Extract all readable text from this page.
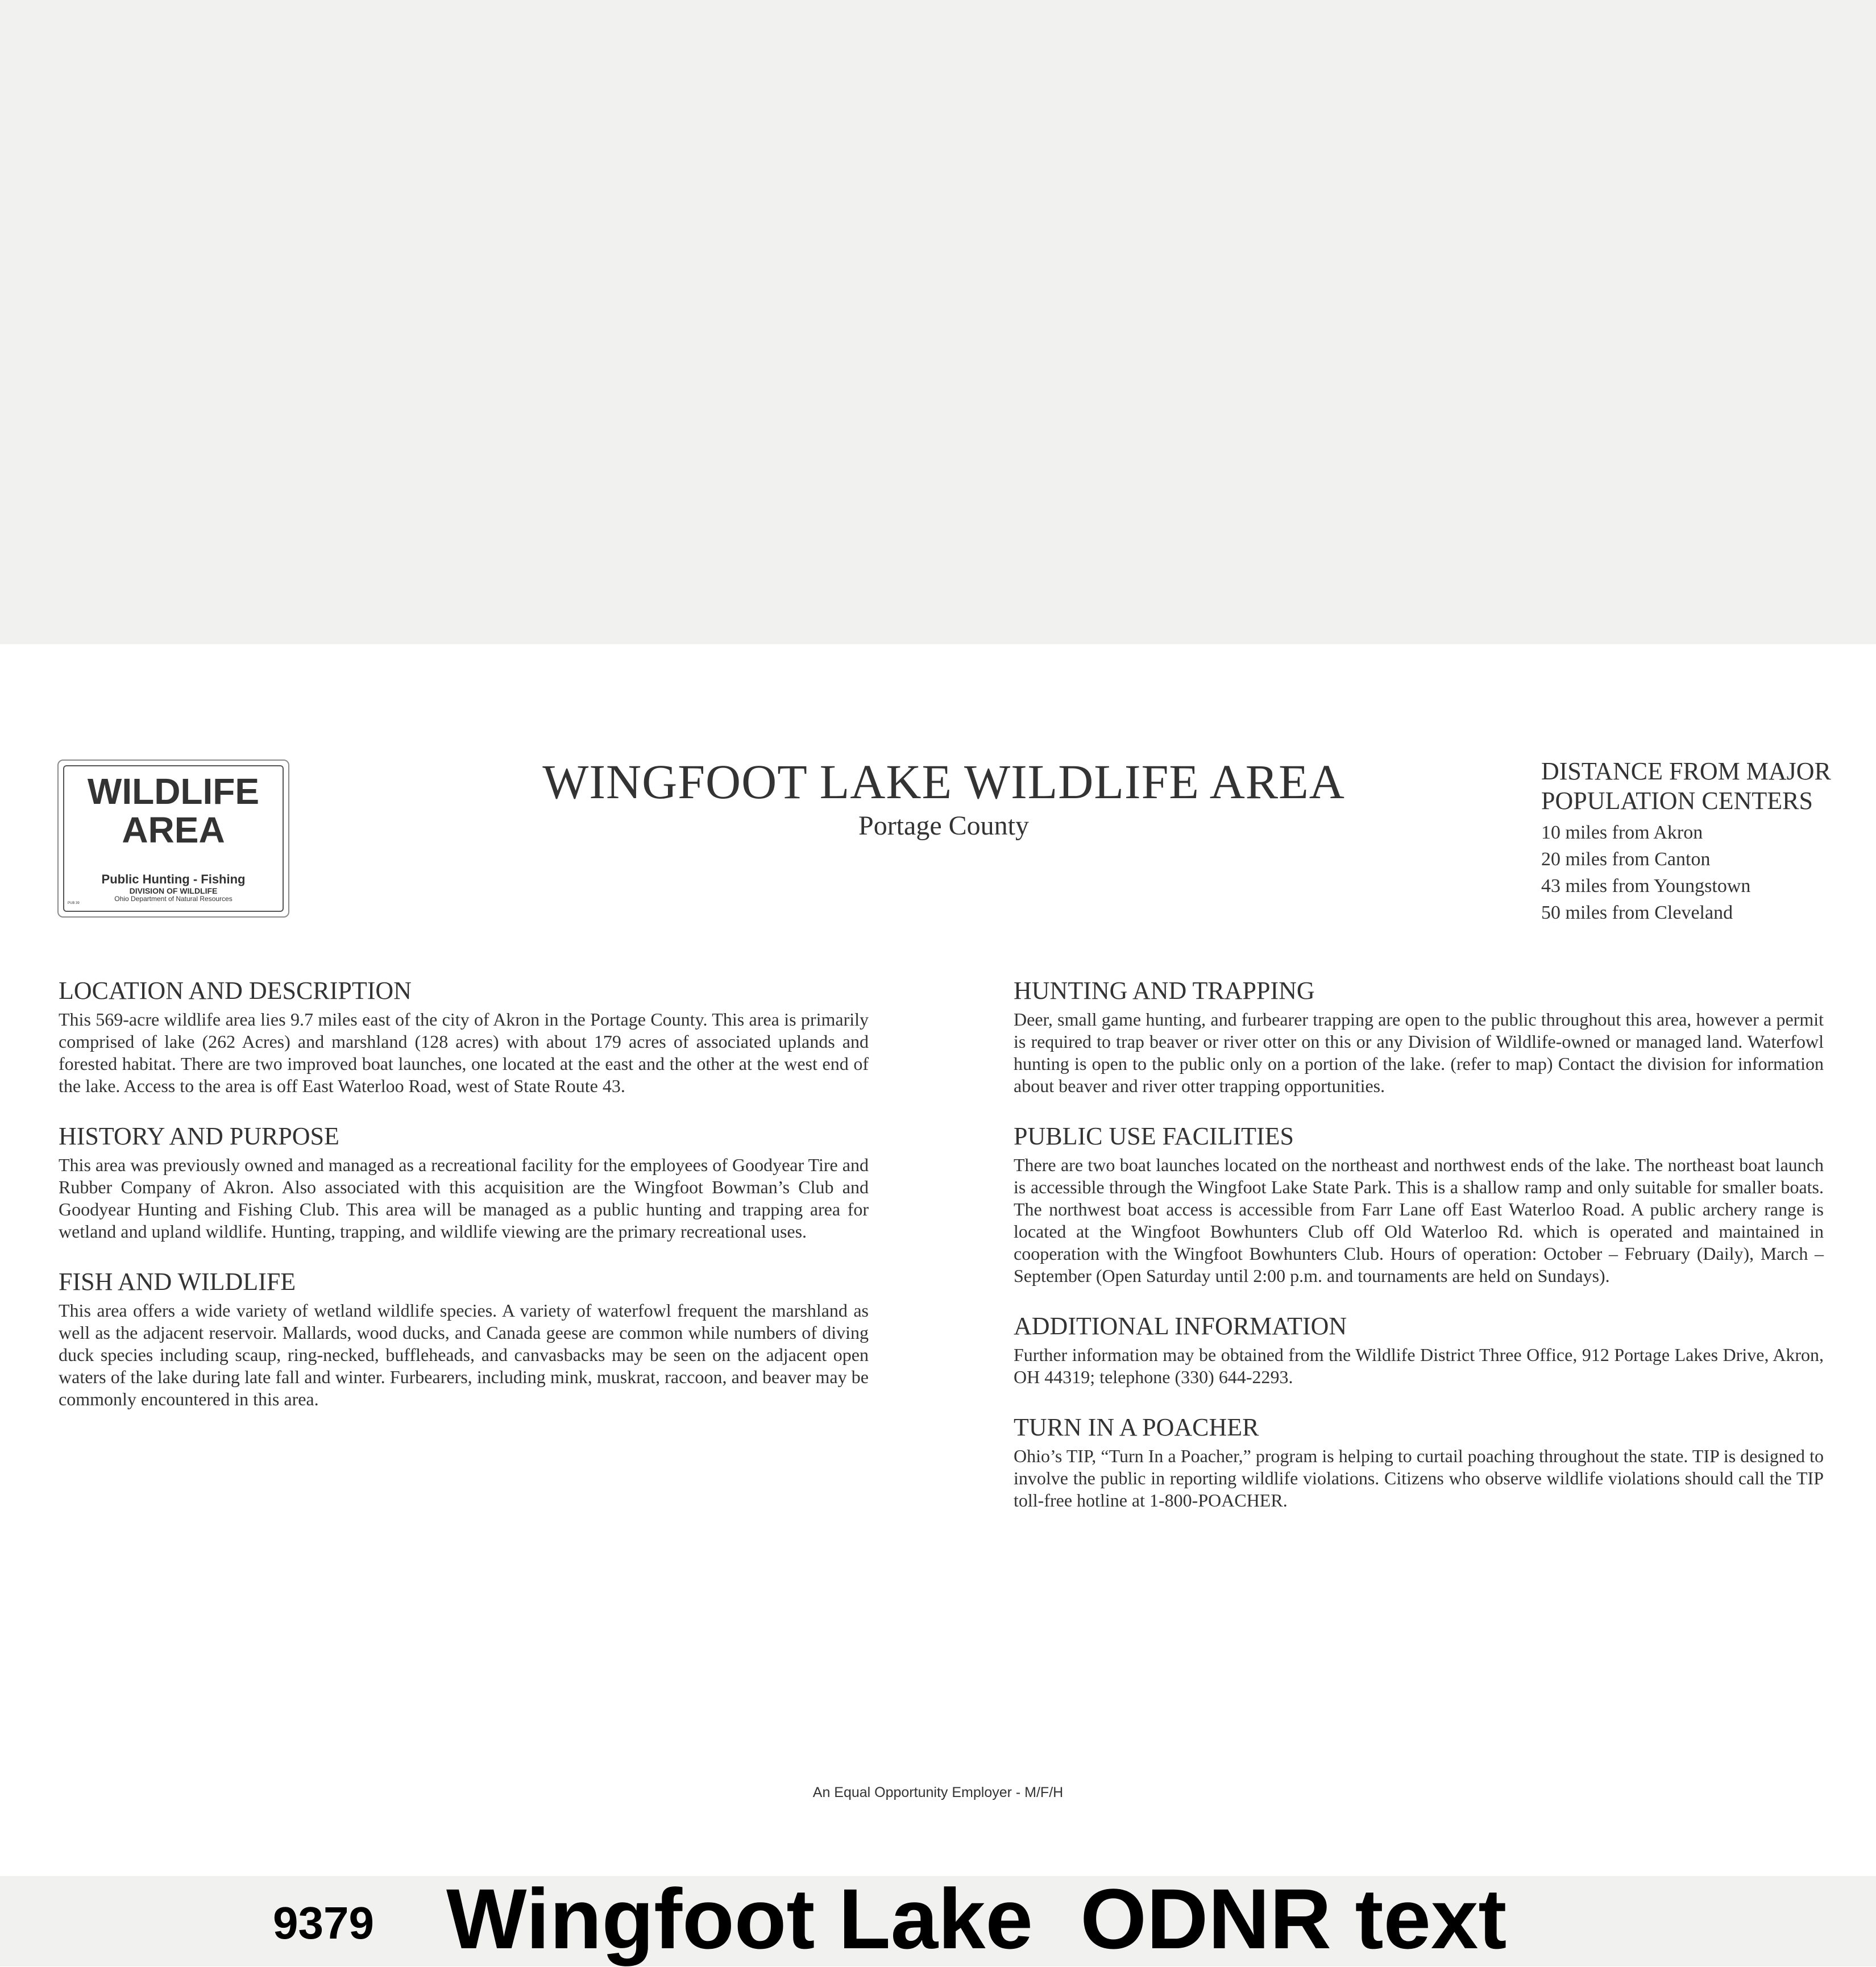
WILDLIFE
AREA
Public Hunting - Fishing
DIVISION OF WILDLIFE
Ohio Department of Natural Resources
PUB 39
WINGFOOT LAKE WILDLIFE AREA
Portage County
DISTANCE FROM MAJOR
POPULATION CENTERS
10 miles from Akron
20 miles from Canton
43 miles from Youngstown
50 miles from Cleveland
LOCATION AND DESCRIPTION

This 569-acre wildlife area lies 9.7 miles east of the city of Akron in the Portage County. This area is primarily comprised of lake (262 Acres) and marshland (128 acres) with about 179 acres of associated uplands and forested habitat. There are two improved boat launches, one located at the east and the other at the west end of the lake. Access to the area is off East Waterloo Road, west of State Route 43.

HISTORY AND PURPOSE

This area was previously owned and managed as a recreational facility for the employees of Goodyear Tire and Rubber Company of Akron. Also associated with this acquisition are the Wingfoot Bowman’s Club and Goodyear Hunting and Fishing Club. This area will be managed as a public hunting and trapping area for wetland and upland wildlife. Hunting, trapping, and wildlife viewing are the primary recreational uses.

FISH AND WILDLIFE

This area offers a wide variety of wetland wildlife species. A variety of waterfowl frequent the marshland as well as the adjacent reservoir. Mallards, wood ducks, and Canada geese are common while numbers of diving duck species including scaup, ring-necked, buffleheads, and canvasbacks may be seen on the adjacent open waters of the lake during late fall and winter. Furbearers, including mink, muskrat, raccoon, and beaver may be commonly encountered in this area.

HUNTING AND TRAPPING

Deer, small game hunting, and furbearer trapping are open to the public throughout this area, however a permit is required to trap beaver or river otter on this or any Division of Wildlife-owned or managed land. Waterfowl hunting is open to the public only on a portion of the lake. (refer to map) Contact the division for information about beaver and river otter trapping opportunities.

PUBLIC USE FACILITIES

There are two boat launches located on the northeast and northwest ends of the lake. The northeast boat launch is accessible through the Wingfoot Lake State Park. This is a shallow ramp and only suitable for smaller boats. The northwest boat access is accessible from Farr Lane off East Waterloo Road. A public archery range is located at the Wingfoot Bowhunters Club off Old Waterloo Rd. which is operated and maintained in cooperation with the Wingfoot Bowhunters Club. Hours of operation: October – February (Daily), March – September (Open Saturday until 2:00 p.m. and tournaments are held on Sundays).

ADDITIONAL INFORMATION

Further information may be obtained from the Wildlife District Three Office, 912 Portage Lakes Drive, Akron, OH 44319; telephone (330) 644-2293.

TURN IN A POACHER

Ohio’s TIP, “Turn In a Poacher,” program is helping to curtail poaching throughout the state. TIP is designed to involve the public in reporting wildlife violations. Citizens who observe wildlife violations should call the TIP toll-free hotline at 1-800-POACHER.

An Equal Opportunity Employer - M/F/H
9379 Wingfoot Lake  ODNR text
